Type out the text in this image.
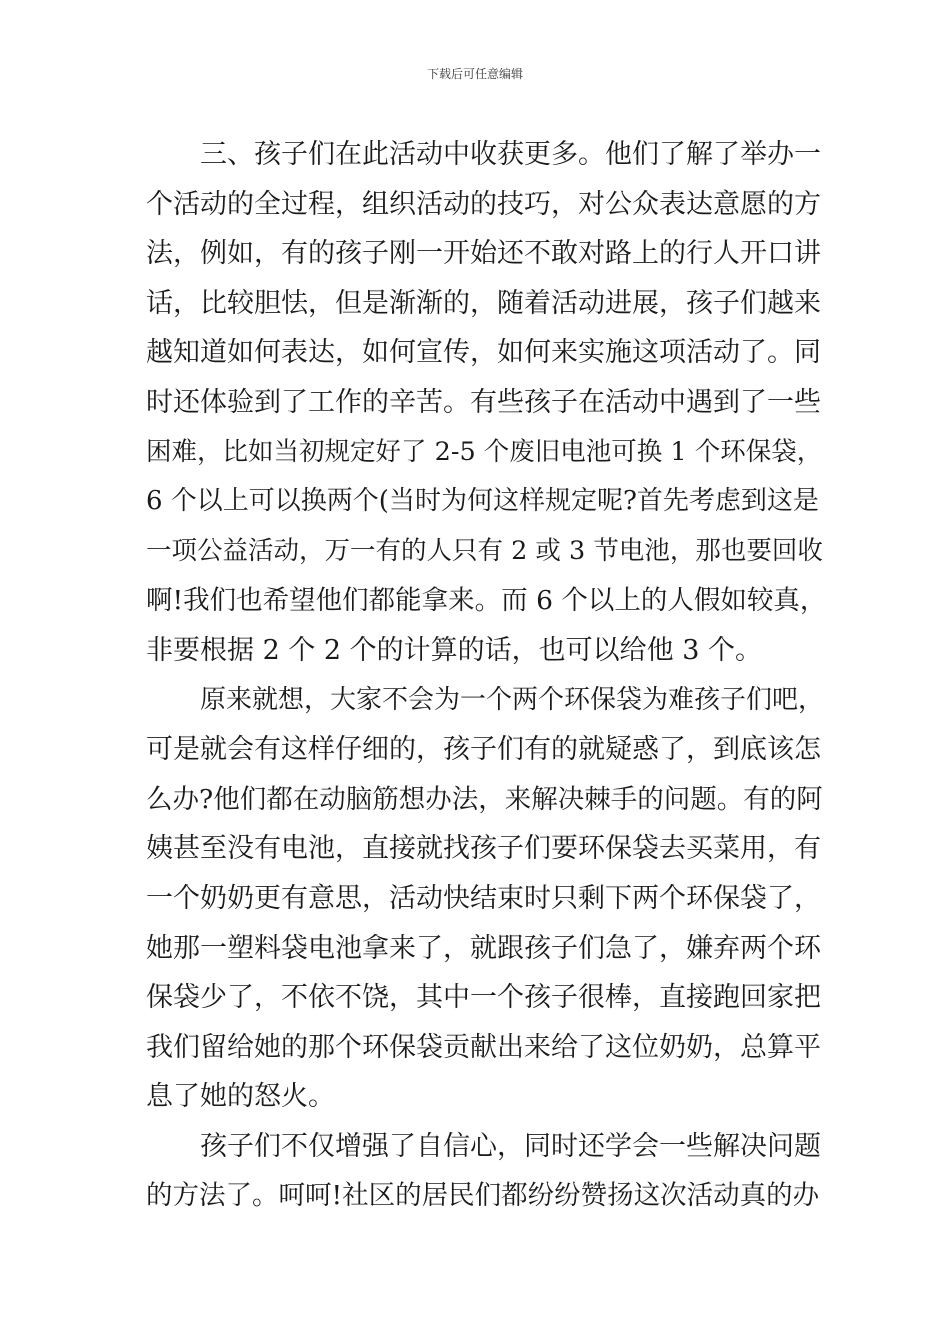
下载后可任意编辑
三、孩子们在此活动中收获更多。他们了解了举办一
个活动的全过程，组织活动的技巧，对公众表达意愿的方
法，例如，有的孩子刚一开始还不敢对路上的行人开口讲
话，比较胆怯，但是渐渐的，随着活动进展，孩子们越来
越知道如何表达，如何宣传，如何来实施这项活动了。同
时还体验到了工作的辛苦。有些孩子在活动中遇到了一些
困难，比如当初规定好了 2-5 个废旧电池可换 1 个环保袋，
6 个以上可以换两个(当时为何这样规定呢?首先考虑到这是
一项公益活动，万一有的人只有 2 或 3 节电池，那也要回收
啊!我们也希望他们都能拿来。而 6 个以上的人假如较真，
非要根据 2 个 2 个的计算的话，也可以给他 3 个。
原来就想，大家不会为一个两个环保袋为难孩子们吧，
可是就会有这样仔细的，孩子们有的就疑惑了，到底该怎
么办?他们都在动脑筋想办法，来解决棘手的问题。有的阿
姨甚至没有电池，直接就找孩子们要环保袋去买菜用，有
一个奶奶更有意思，活动快结束时只剩下两个环保袋了，
她那一塑料袋电池拿来了，就跟孩子们急了，嫌弃两个环
保袋少了，不依不饶，其中一个孩子很棒，直接跑回家把
我们留给她的那个环保袋贡献出来给了这位奶奶，总算平
息了她的怒火。
孩子们不仅增强了自信心，同时还学会一些解决问题
的方法了。呵呵!社区的居民们都纷纷赞扬这次活动真的办
